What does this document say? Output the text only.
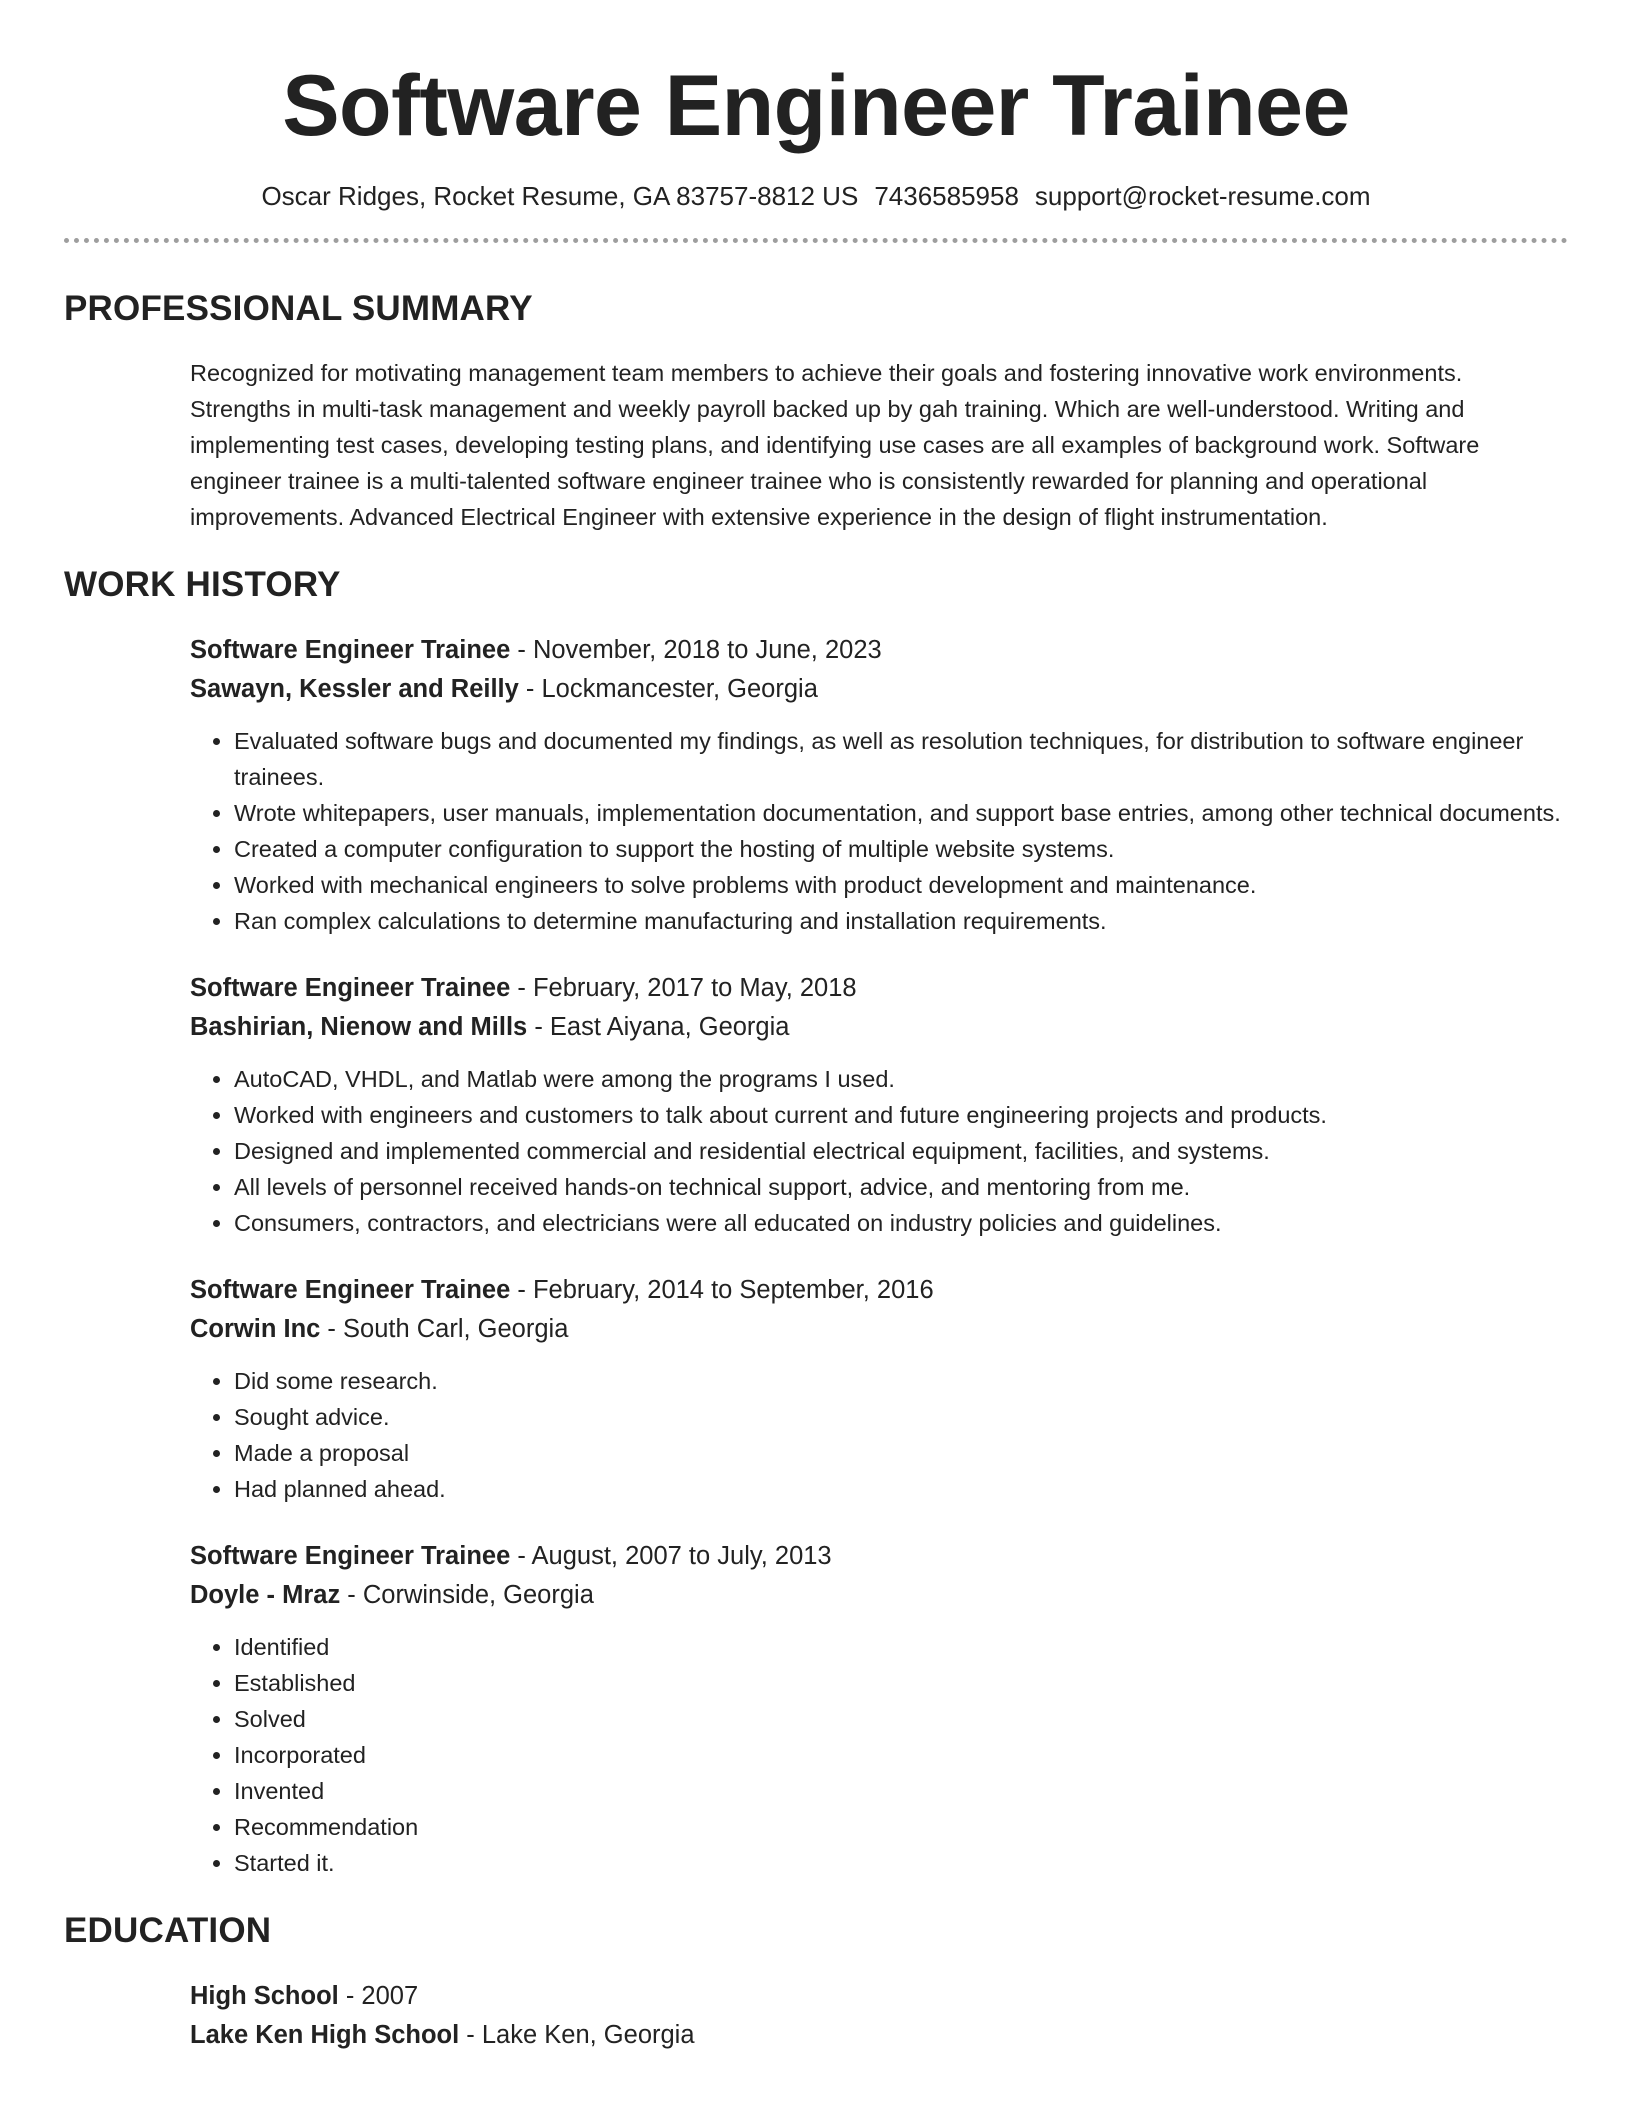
Software Engineer Trainee
Oscar Ridges, Rocket Resume, GA 83757-8812 US 7436585958 support@rocket-resume.com
PROFESSIONAL SUMMARY

Recognized for motivating management team members to achieve their goals and fostering innovative work environments. Strengths in multi-task management and weekly payroll backed up by gah training. Which are well-understood. Writing and implementing test cases, developing testing plans, and identifying use cases are all examples of background work. Software engineer trainee is a multi-talented software engineer trainee who is consistently rewarded for planning and operational improvements. Advanced Electrical Engineer with extensive experience in the design of flight instrumentation.

WORK HISTORY
Software Engineer Trainee - November, 2018 to June, 2023
Sawayn, Kessler and Reilly - Lockmancester, Georgia
• Evaluated software bugs and documented my findings, as well as resolution techniques, for distribution to software engineer trainees.
• Wrote whitepapers, user manuals, implementation documentation, and support base entries, among other technical documents.
• Created a computer configuration to support the hosting of multiple website systems.
• Worked with mechanical engineers to solve problems with product development and maintenance.
• Ran complex calculations to determine manufacturing and installation requirements.
Software Engineer Trainee - February, 2017 to May, 2018
Bashirian, Nienow and Mills - East Aiyana, Georgia
• AutoCAD, VHDL, and Matlab were among the programs I used.
• Worked with engineers and customers to talk about current and future engineering projects and products.
• Designed and implemented commercial and residential electrical equipment, facilities, and systems.
• All levels of personnel received hands-on technical support, advice, and mentoring from me.
• Consumers, contractors, and electricians were all educated on industry policies and guidelines.
Software Engineer Trainee - February, 2014 to September, 2016
Corwin Inc - South Carl, Georgia
• Did some research.
• Sought advice.
• Made a proposal
• Had planned ahead.
Software Engineer Trainee - August, 2007 to July, 2013
Doyle - Mraz - Corwinside, Georgia
• Identified
• Established
• Solved
• Incorporated
• Invented
• Recommendation
• Started it.
EDUCATION
High School - 2007
Lake Ken High School - Lake Ken, Georgia
